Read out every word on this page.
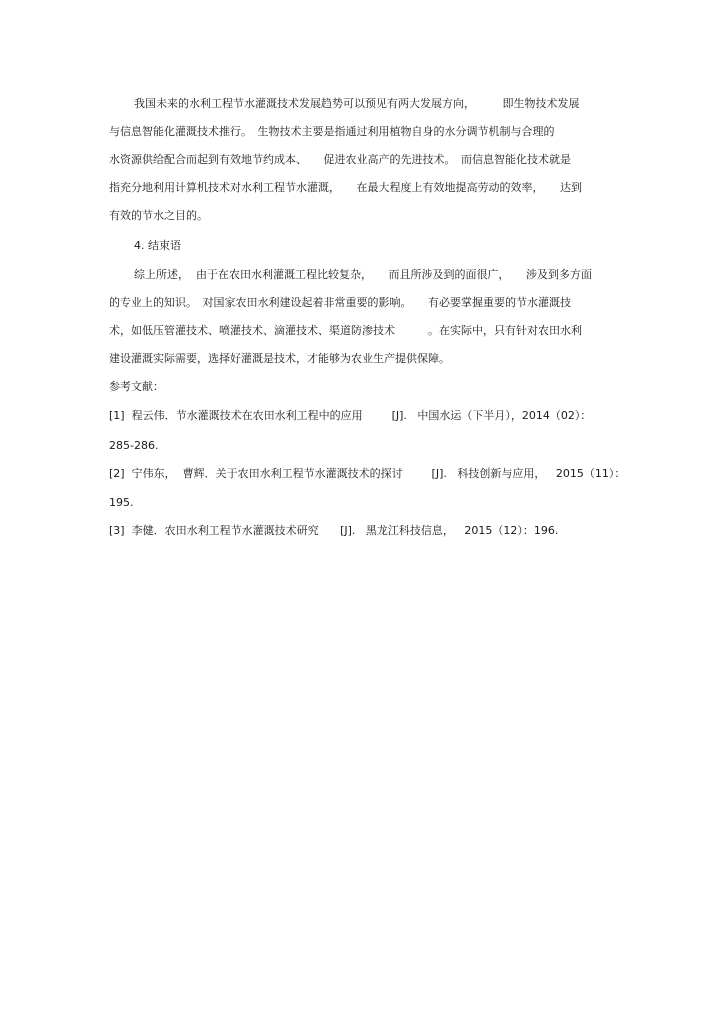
我国未来的水利工程节水灌溉技术发展趋势可以预见有两大发展方向，　　　即生物技术发展
与信息智能化灌溉技术推行。　生物技术主要是指通过利用植物自身的水分调节机制与合理的
水资源供给配合而起到有效地节约成本、　　促进农业高产的先进技术。　而信息智能化技术就是
指充分地利用计算机技术对水利工程节水灌溉，　　在最大程度上有效地提高劳动的效率，　　达到
有效的节水之目的。
4. 结束语
综上所述，  由于在农田水利灌溉工程比较复杂，　　而且所涉及到的面很广，　　涉及到多方面
的专业上的知识。　对国家农田水利建设起着非常重要的影响。　　有必要掌握重要的节水灌溉技
术，如低压管灌技术、喷灌技术、滴灌技术、渠道防渗技术　　　。在实际中，只有针对农田水利
建设灌溉实际需要，选择好灌溉是技术，才能够为农业生产提供保障。
参考文献：
[1]  程云伟．节水灌溉技术在农田水利工程中的应用　　  [J].   中国水运（下半月），2014（02）：
285-286.
[2]  宁伟东，  曹辉．关于农田水利工程节水灌溉技术的探讨　　  [J].   科技创新与应用，   2015（11）：
195.
[3]  李健．农田水利工程节水灌溉技术研究　   [J].   黑龙江科技信息，   2015（12）：196.
